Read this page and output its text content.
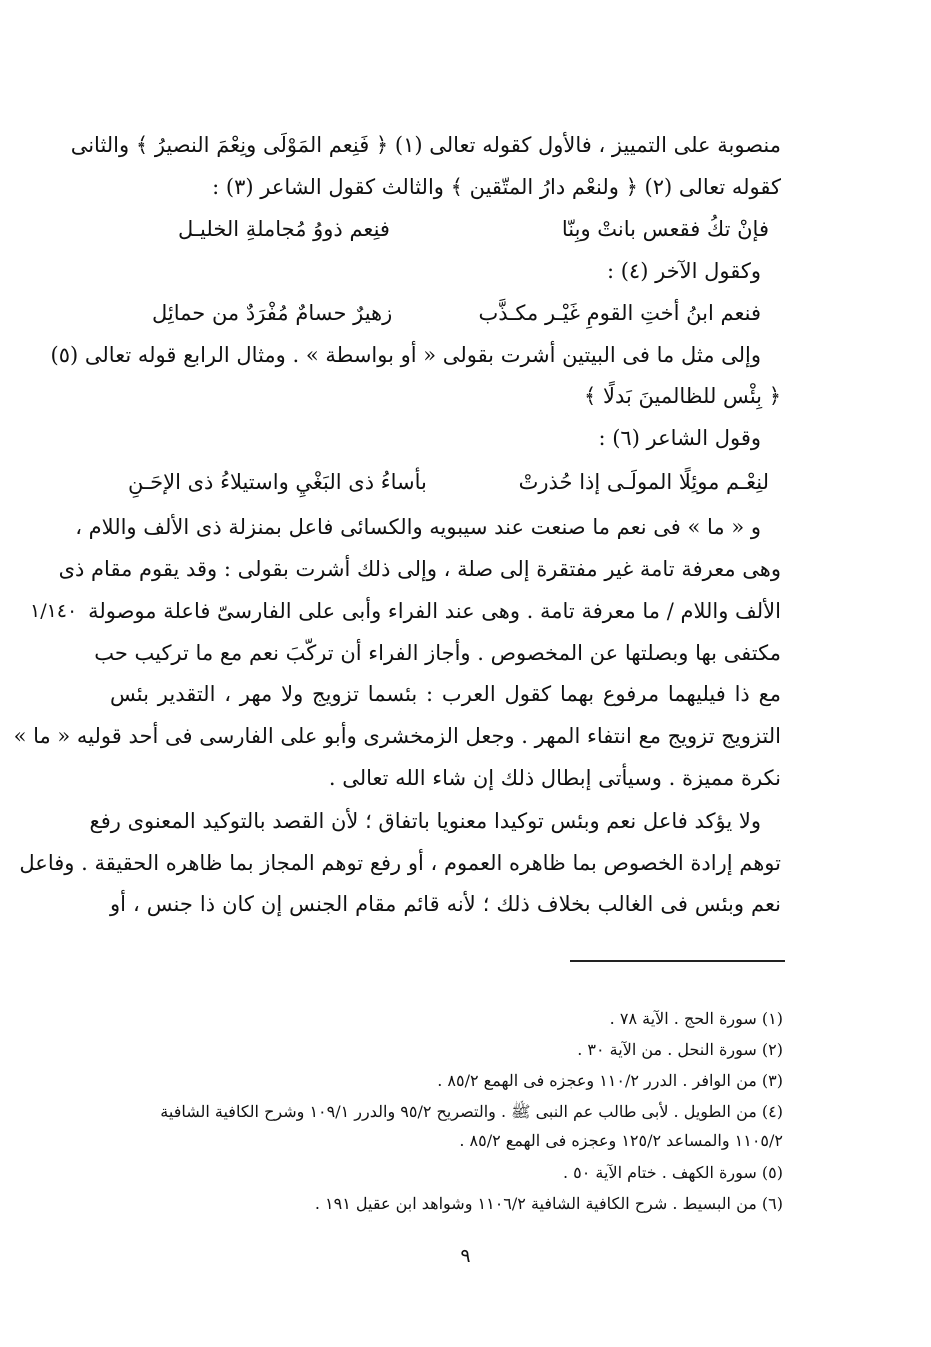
منصوبة على التمييز ، فالأول كقوله تعالى (١) ﴿ فَنِعم المَوْلَى ونِعْمَ النصيرُ ﴾ والثانى
كقوله تعالى (٢) ﴿ ولنعْم دارُ المتّقين ﴾ والثالث كقول الشاعر (٣) :
فإنْ تكُ فقعس بانتْ وبِنّا
فنِعم ذووُ مُجاملةِ الخليـل
وكقول الآخر (٤) :
فنعم ابنُ أختِ القومِ غَيْـر مكـذَّب
زهيرٌ حسامٌ مُفْرَدٌ من حمائِل
وإلى مثل ما فى البيتين أشرت بقولى « أو بواسطة » . ومثال الرابع قوله تعالى (٥)
﴿ بِئْس للظالمينَ بَدلًا ﴾
وقول الشاعر (٦) :
لنِعْـم موئِلًا المولَـى إذا حُذرتْ
بأساءُ ذى البَغْيِ واستيلاءُ ذى الإحَـنِ
و « ما » فى نعم ما صنعت عند سيبويه والكسائى فاعل بمنزلة ذى الألف واللام ،
وهى معرفة تامة غير مفتقرة إلى صلة ، وإلى ذلك أشرت بقولى : وقد يقوم مقام ذى
الألف واللام / ما معرفة تامة . وهى عند الفراء وأبى على الفارسىّ فاعلة موصولة
١/١٤٠
مكتفى بها وبصلتها عن المخصوص . وأجاز الفراء أن تركّبَ نعم مع ما تركيب حب
مع ذا فيليهما مرفوع بهما كقول العرب : بئسما تزويج ولا مهر ، التقدير بئس
التزويج تزويج مع انتفاء المهر . وجعل الزمخشرى وأبو على الفارسى فى أحد قوليه « ما »
نكرة مميزة . وسيأتى إبطال ذلك إن شاء الله تعالى .
ولا يؤكد فاعل نعم وبئس توكيدا معنويا باتفاق ؛ لأن القصد بالتوكيد المعنوى رفع
توهم إرادة الخصوص بما ظاهره العموم ، أو رفع توهم المجاز بما ظاهره الحقيقة . وفاعل
نعم وبئس فى الغالب بخلاف ذلك ؛ لأنه قائم مقام الجنس إن كان ذا جنس ، أو
(١) سورة الحج . الآية ٧٨ .
(٢) سورة النحل . من الآية ٣٠ .
(٣) من الوافر . الدرر ١١٠/٢ وعجزه فى الهمع ٨٥/٢ .
(٤) من الطويل . لأبى طالب عم النبى ﷺ . والتصريح ٩٥/٢ والدرر ١٠٩/١ وشرح الكافية الشافية
١١٠٥/٢ والمساعد ١٢٥/٢ وعجزه فى الهمع ٨٥/٢ .
(٥) سورة الكهف . ختام الآية ٥٠ .
(٦) من البسيط . شرح الكافية الشافية ١١٠٦/٢ وشواهد ابن عقيل ١٩١ .
٩
